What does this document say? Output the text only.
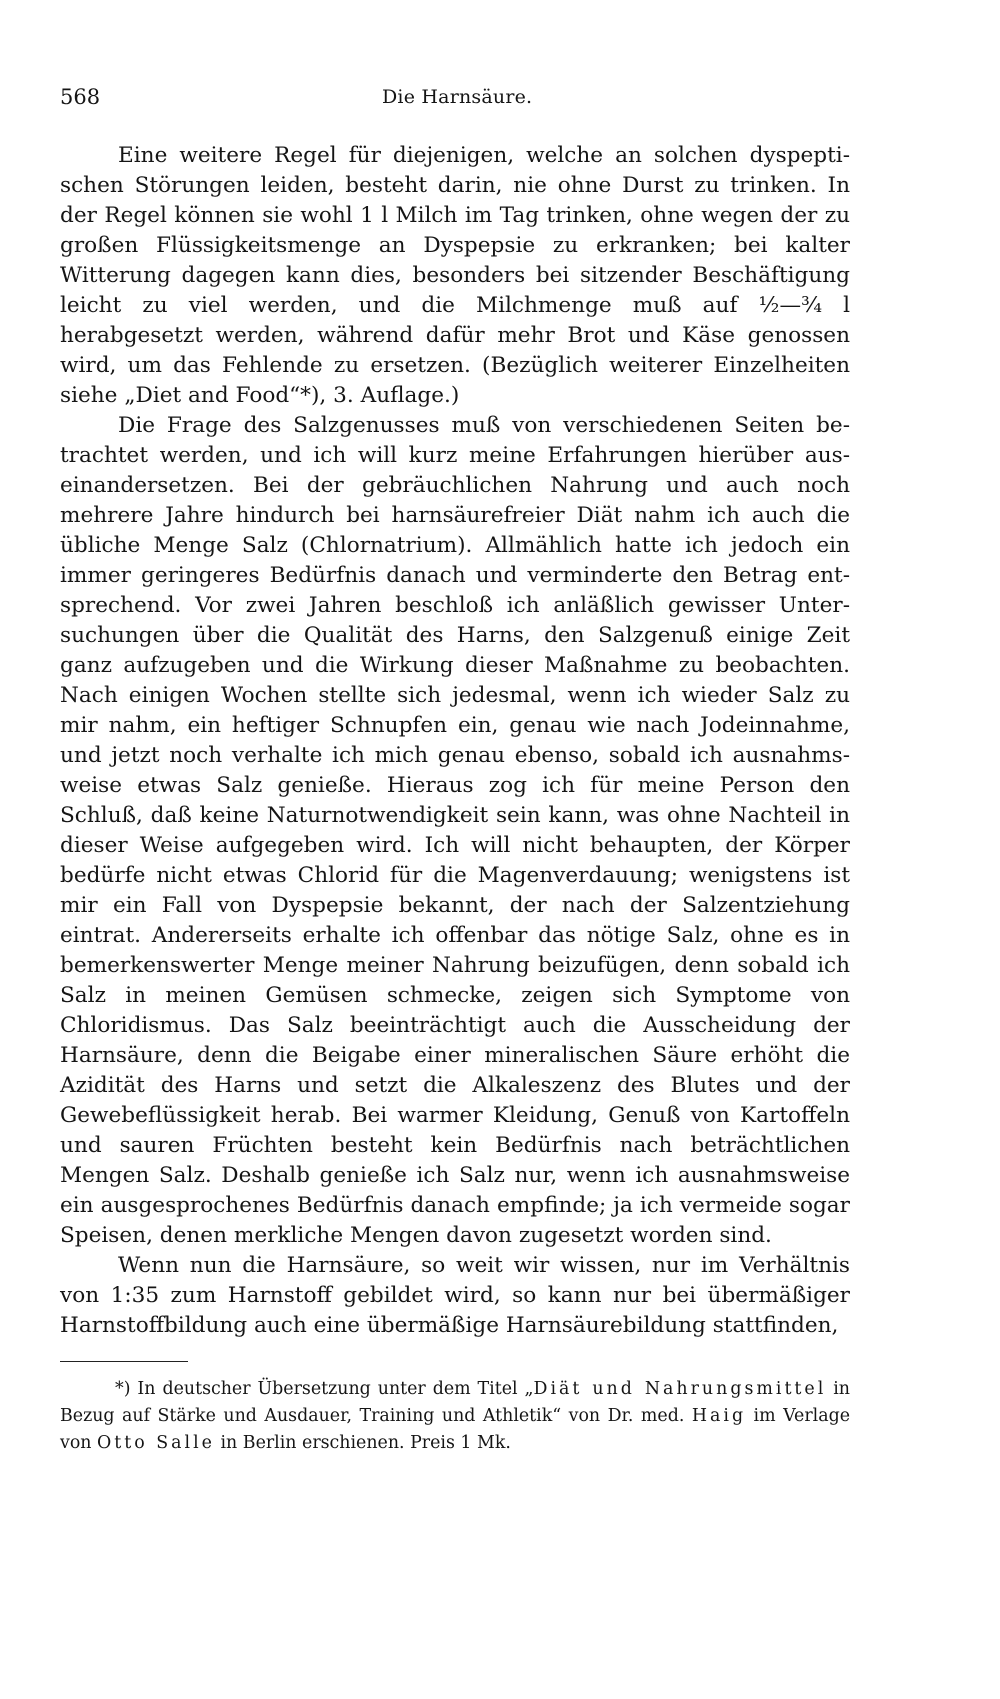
568	Die Harnsäure.

Eine weitere Regel für diejenigen, welche an solchen dyspeptischen Störungen leiden, besteht darin, nie ohne Durst zu trinken. In der Regel können sie wohl 1 l Milch im Tag trinken, ohne wegen der zu großen Flüssigkeitsmenge an Dyspepsie zu erkranken; bei kalter Witterung dagegen kann dies, besonders bei sitzender Beschäftigung leicht zu viel werden, und die Milchmenge muß auf ½—¾ l herabgesetzt werden, während dafür mehr Brot und Käse genossen wird, um das Fehlende zu ersetzen. (Bezüglich weiterer Einzelheiten siehe „Diet and Food“*), 3. Auflage.)

Die Frage des Salzgenusses muß von verschiedenen Seiten betrachtet werden, und ich will kurz meine Erfahrungen hierüber auseinandersetzen. Bei der gebräuchlichen Nahrung und auch noch mehrere Jahre hindurch bei harnsäurefreier Diät nahm ich auch die übliche Menge Salz (Chlornatrium). Allmählich hatte ich jedoch ein immer geringeres Bedürfnis danach und verminderte den Betrag entsprechend. Vor zwei Jahren beschloß ich anläßlich gewisser Untersuchungen über die Qualität des Harns, den Salzgenuß einige Zeit ganz aufzugeben und die Wirkung dieser Maßnahme zu beobachten. Nach einigen Wochen stellte sich jedesmal, wenn ich wieder Salz zu mir nahm, ein heftiger Schnupfen ein, genau wie nach Jodeinnahme, und jetzt noch verhalte ich mich genau ebenso, sobald ich ausnahmsweise etwas Salz genieße. Hieraus zog ich für meine Person den Schluß, daß keine Naturnotwendigkeit sein kann, was ohne Nachteil in dieser Weise aufgegeben wird. Ich will nicht behaupten, der Körper bedürfe nicht etwas Chlorid für die Magenverdauung; wenigstens ist mir ein Fall von Dyspepsie bekannt, der nach der Salzentziehung eintrat. Andererseits erhalte ich offenbar das nötige Salz, ohne es in bemerkenswerter Menge meiner Nahrung beizufügen, denn sobald ich Salz in meinen Gemüsen schmecke, zeigen sich Symptome von Chloridismus. Das Salz beeinträchtigt auch die Ausscheidung der Harnsäure, denn die Beigabe einer mineralischen Säure erhöht die Azidität des Harns und setzt die Alkaleszenz des Blutes und der Gewebeflüssigkeit herab. Bei warmer Kleidung, Genuß von Kartoffeln und sauren Früchten besteht kein Bedürfnis nach beträchtlichen Mengen Salz. Deshalb genieße ich Salz nur, wenn ich ausnahmsweise ein ausgesprochenes Bedürfnis danach empfinde; ja ich vermeide sogar Speisen, denen merkliche Mengen davon zugesetzt worden sind.

Wenn nun die Harnsäure, so weit wir wissen, nur im Verhältnis von 1:35 zum Harnstoff gebildet wird, so kann nur bei übermäßiger Harnstoffbildung auch eine übermäßige Harnsäurebildung stattfinden,

*) In deutscher Übersetzung unter dem Titel „Diät und Nahrungsmittel in Bezug auf Stärke und Ausdauer, Training und Athletik“ von Dr. med. Haig im Verlage von Otto Salle in Berlin erschienen. Preis 1 Mk.
